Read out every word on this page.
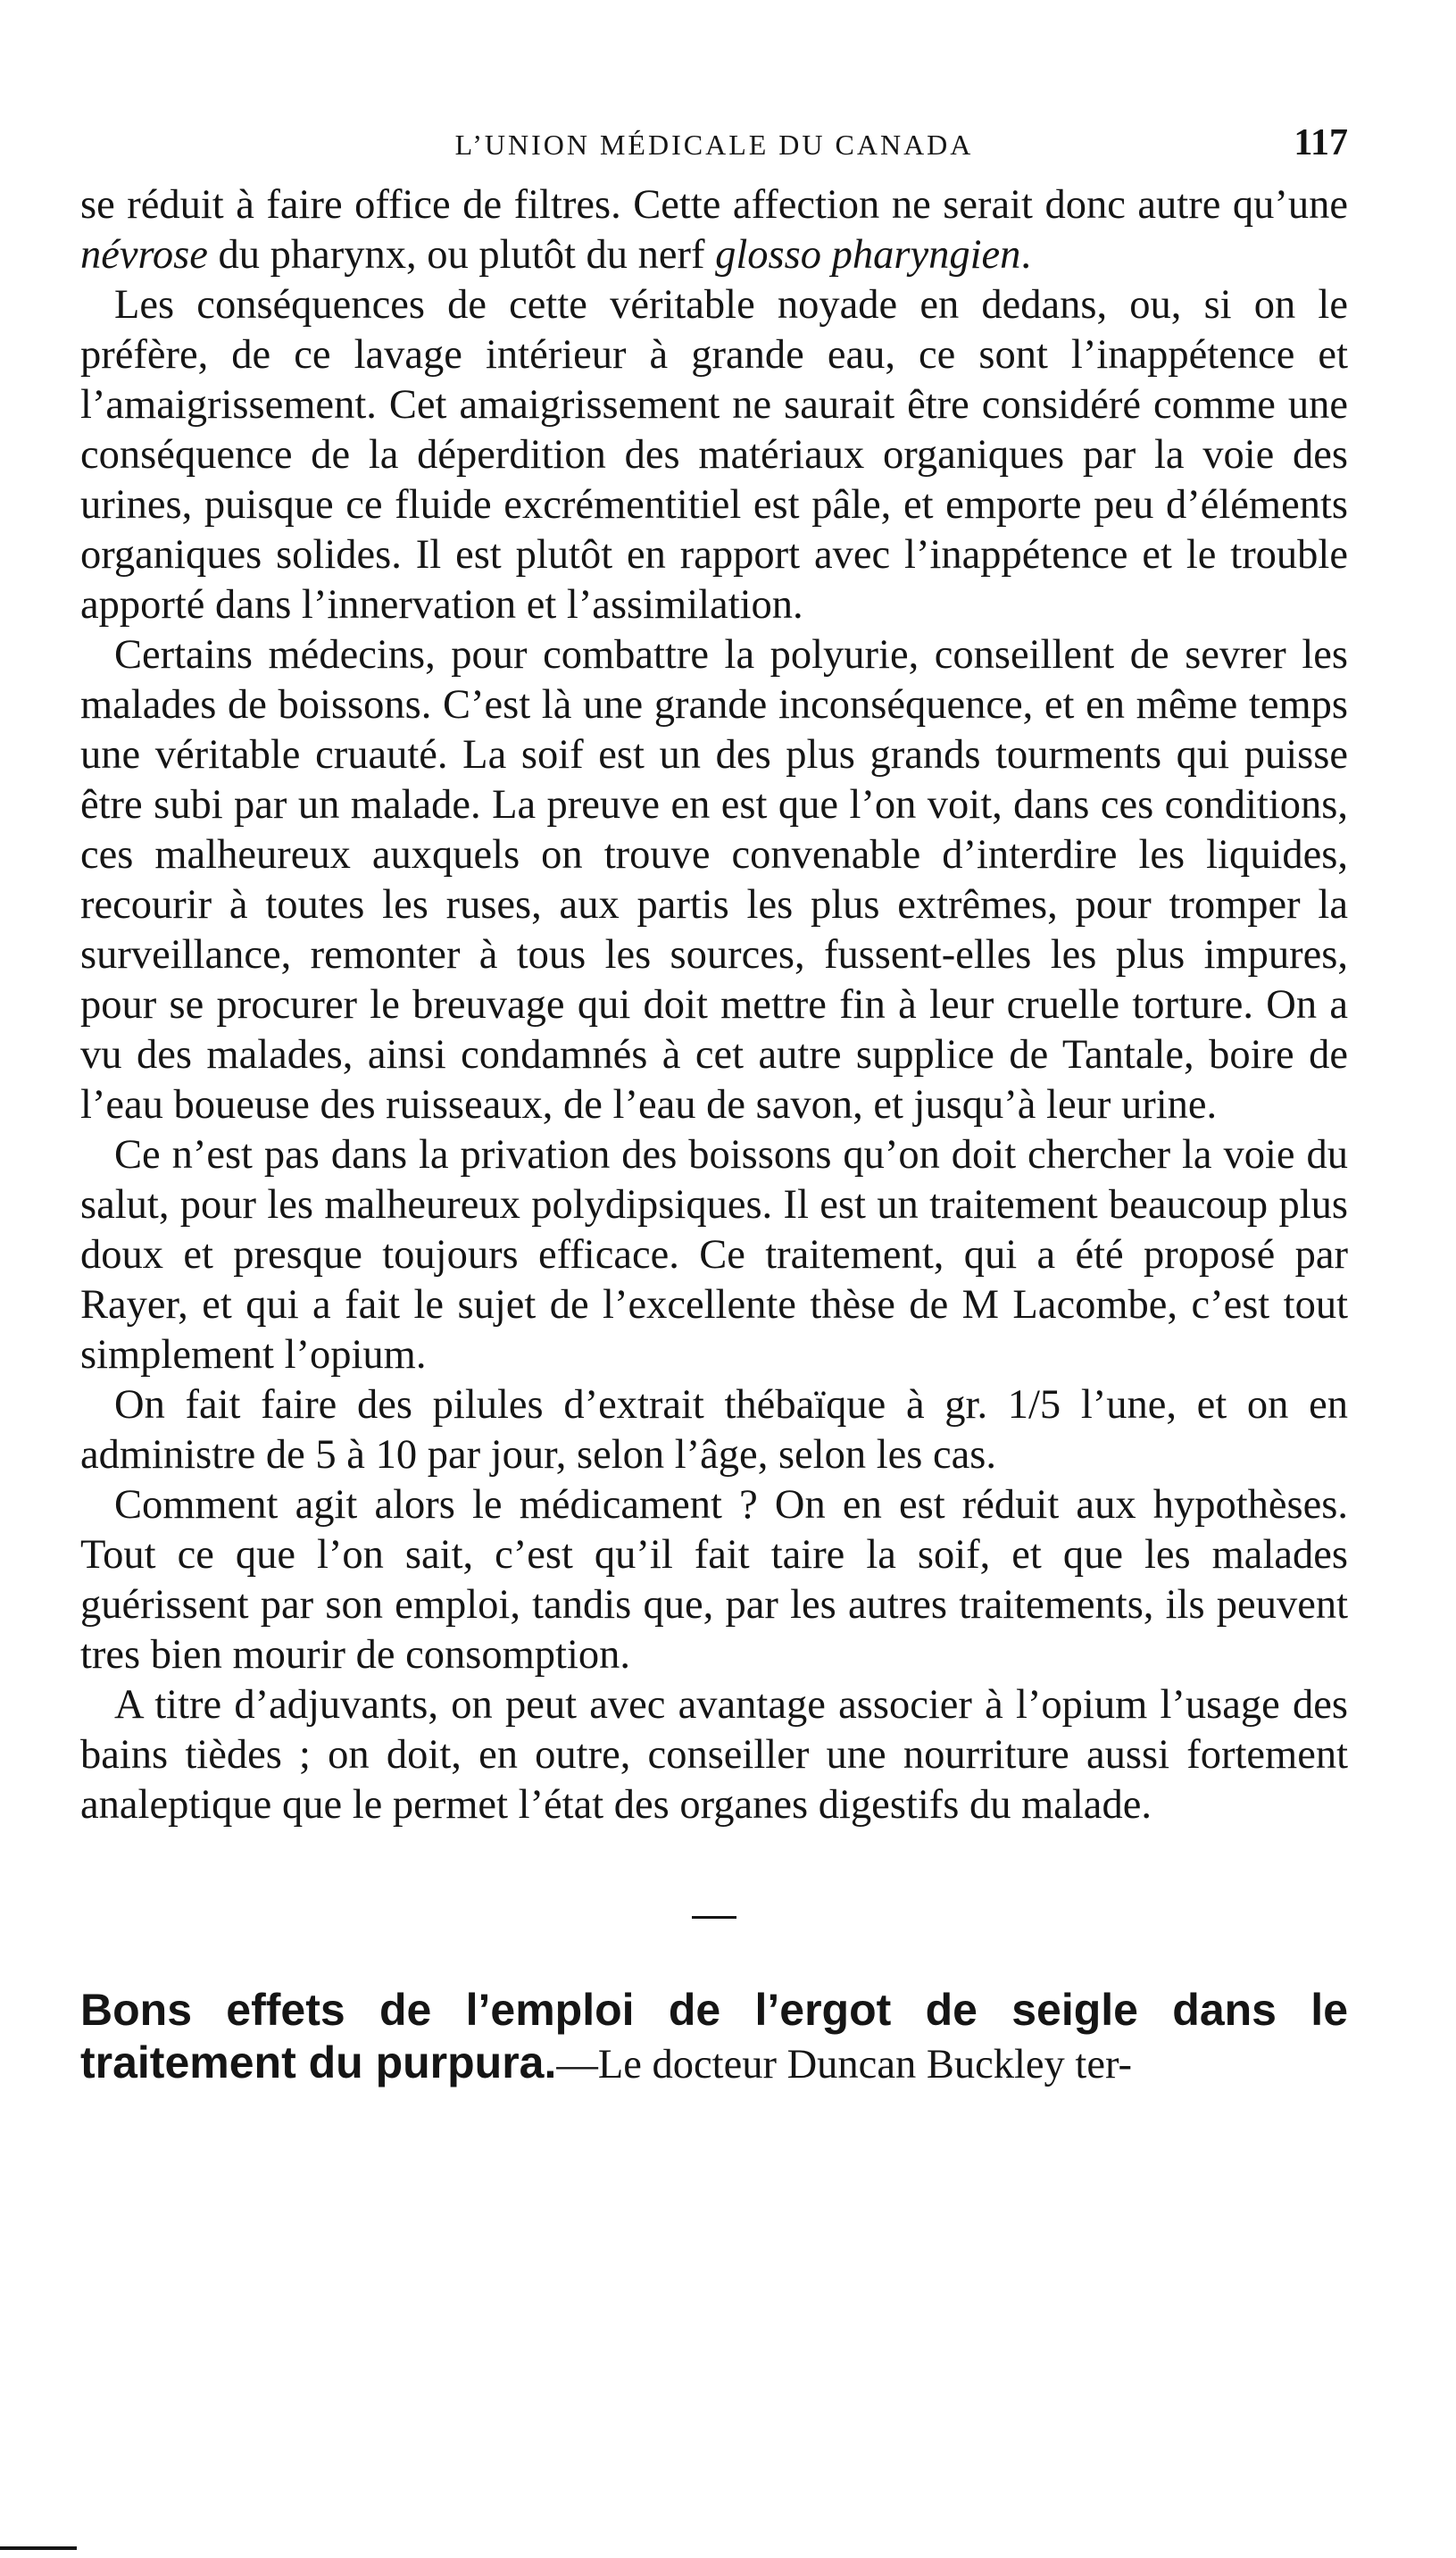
L’UNION MÉDICALE DU CANADA	117

se réduit à faire office de filtres. Cette affection ne serait donc autre qu’une névrose du pharynx, ou plutôt du nerf glosso pharyngien.

Les conséquences de cette véritable noyade en dedans, ou, si on le préfère, de ce lavage intérieur à grande eau, ce sont l’inappétence et l’amaigrissement. Cet amaigrissement ne saurait être considéré comme une conséquence de la déperdition des matériaux organiques par la voie des urines, puisque ce fluide excrémentitiel est pâle, et emporte peu d’éléments organiques solides. Il est plutôt en rapport avec l’inappétence et le trouble apporté dans l’innervation et l’assimilation.

Certains médecins, pour combattre la polyurie, conseillent de sevrer les malades de boissons. C’est là une grande inconséquence, et en même temps une véritable cruauté. La soif est un des plus grands tourments qui puisse être subi par un malade. La preuve en est que l’on voit, dans ces conditions, ces malheureux auxquels on trouve convenable d’interdire les liquides, recourir à toutes les ruses, aux partis les plus extrêmes, pour tromper la surveillance, remonter à tous les sources, fussent-elles les plus impures, pour se procurer le breuvage qui doit mettre fin à leur cruelle torture. On a vu des malades, ainsi condamnés à cet autre supplice de Tantale, boire de l’eau boueuse des ruisseaux, de l’eau de savon, et jusqu’à leur urine.

Ce n’est pas dans la privation des boissons qu’on doit chercher la voie du salut, pour les malheureux polydipsiques. Il est un traitement beaucoup plus doux et presque toujours efficace. Ce traitement, qui a été proposé par Rayer, et qui a fait le sujet de l’excellente thèse de M Lacombe, c’est tout simplement l’opium.

On fait faire des pilules d’extrait thébaïque à gr. 1/5 l’une, et on en administre de 5 à 10 par jour, selon l’âge, selon les cas.

Comment agit alors le médicament ? On en est réduit aux hypothèses. Tout ce que l’on sait, c’est qu’il fait taire la soif, et que les malades guérissent par son emploi, tandis que, par les autres traitements, ils peuvent tres bien mourir de consomption.

A titre d’adjuvants, on peut avec avantage associer à l’opium l’usage des bains tièdes ; on doit, en outre, conseiller une nourriture aussi fortement analeptique que le permet l’état des organes digestifs du malade.

Bons effets de l’emploi de l’ergot de seigle dans le traitement du purpura.—Le docteur Duncan Buckley ter-
